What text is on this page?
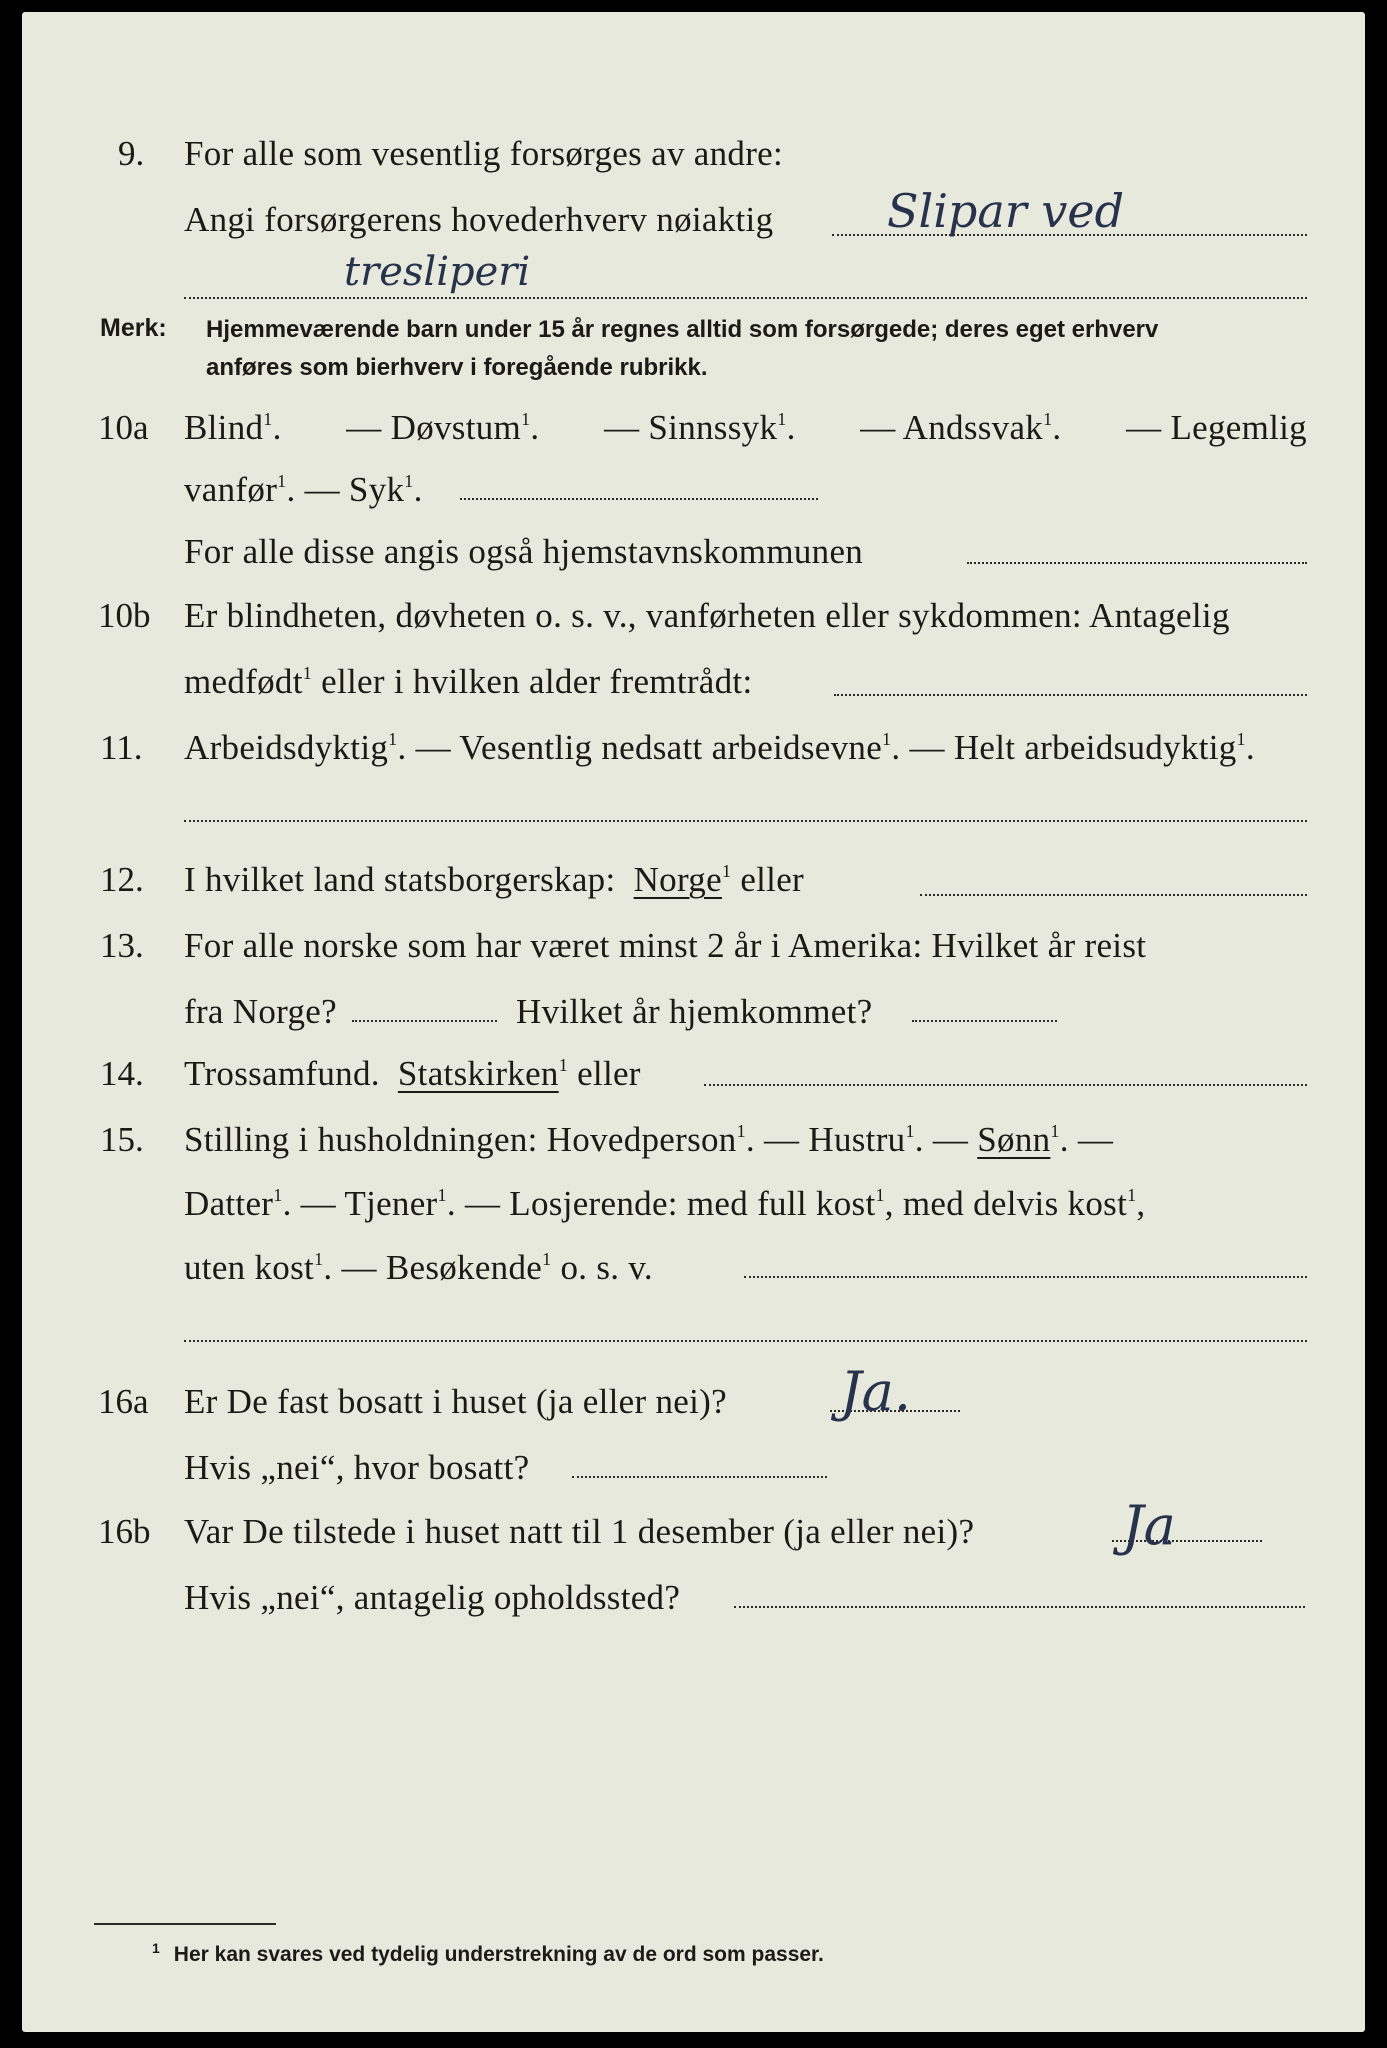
9. For alle som vesentlig forsørges av andre:
Angi forsørgerens hovederhverv nøiaktig Slipar ved
tresliperi
Merk: Hjemmeværende barn under 15 år regnes alltid som forsørgede; deres eget erhverv
anføres som bierhverv i foregående rubrikk.
10a Blind$^1$. — Døvstum$^1$. — Sinnssyk$^1$. — Andssvak$^1$. — Legemlig
vanfør$^1$. — Syk$^1$.
For alle disse angis også hjemstavnskommunen
10b Er blindheten, døvheten o. s. v., vanførheten eller sykdommen: Antagelig
medfødt$^1$ eller i hvilken alder fremtrådt:
11. Arbeidsdyktig$^1$. — Vesentlig nedsatt arbeidsevne$^1$. — Helt arbeidsudyktig$^1$.
12. I hvilket land statsborgerskap: Norge$^1$ eller
13. For alle norske som har været minst 2 år i Amerika: Hvilket år reist
fra Norge?	Hvilket år hjemkommet?
14. Trossamfund. Statskirken$^1$ eller
15. Stilling i husholdningen: Hovedperson$^1$. — Hustru$^1$. — Sønn$^1$. —
Datter$^1$. — Tjener$^1$. — Losjerende: med full kost$^1$, med delvis kost$^1$,
uten kost$^1$. — Besøkende$^1$ o. s. v.
16a Er De fast bosatt i huset (ja eller nei)? Ja.
Hvis „nei“, hvor bosatt?
16b Var De tilstede i huset natt til 1 desember (ja eller nei)?	Ja
Hvis „nei“, antagelig opholdssted?
$^1$ Her kan svares ved tydelig understrekning av de ord som passer.
